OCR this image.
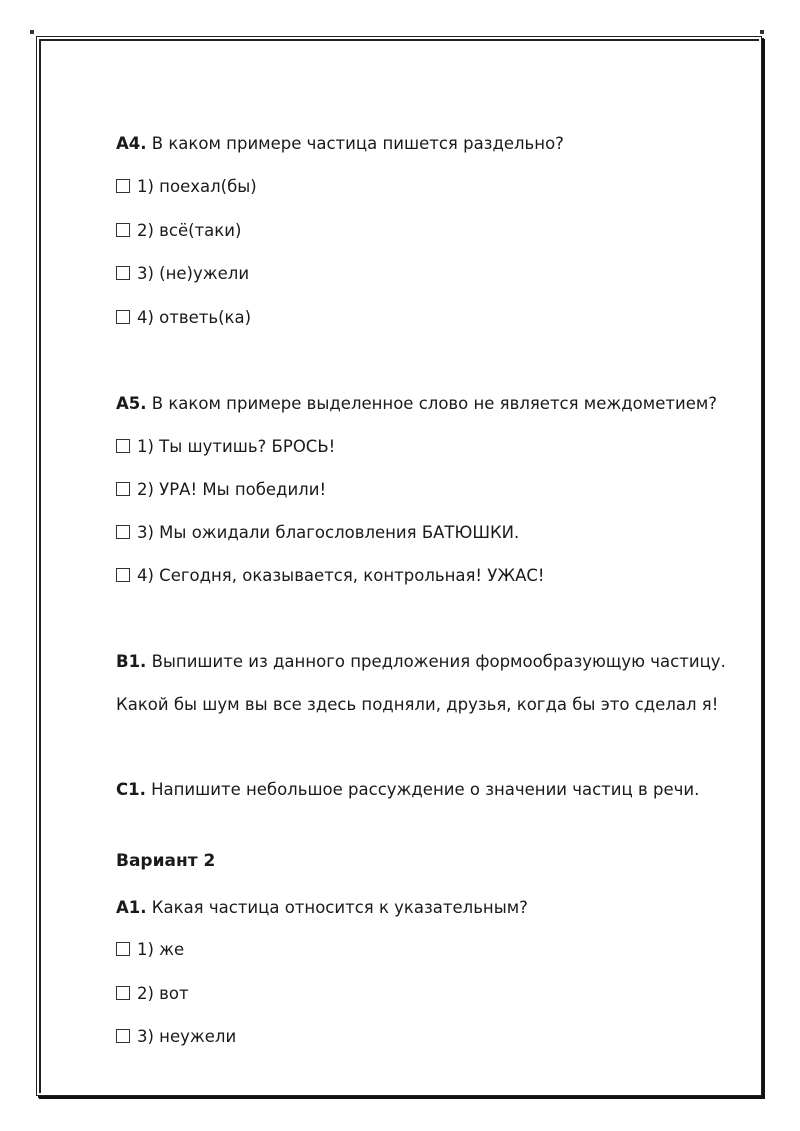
А4. В каком примере частица пишется раздельно?
1) поехал(бы)
2) всё(таки)
3) (не)ужели
4) ответь(ка)
А5. В каком примере выделенное слово не является междометием?
1) Ты шутишь? БРОСЬ!
2) УРА! Мы победили!
3) Мы ожидали благословления БАТЮШКИ.
4) Сегодня, оказывается, контрольная! УЖАС!
В1. Выпишите из данного предложения формообразующую частицу.
Какой бы шум вы все здесь подняли, друзья, когда бы это сделал я!
С1. Напишите небольшое рассуждение о значении частиц в речи.
Вариант 2
А1. Какая частица относится к указательным?
1) же
2) вот
3) неужели
